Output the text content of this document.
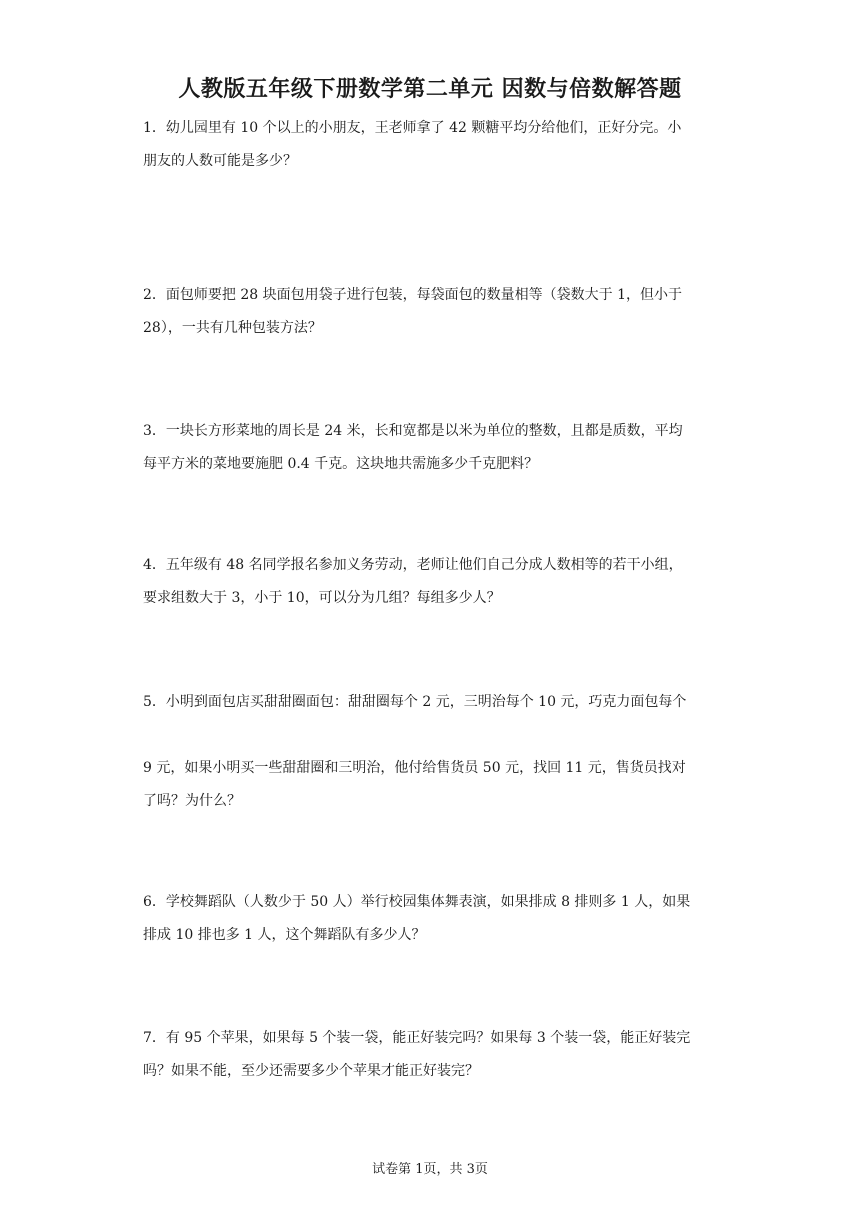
人教版五年级下册数学第二单元 因数与倍数解答题

1．幼儿园里有 10 个以上的小朋友，王老师拿了 42 颗糖平均分给他们，正好分完。小

朋友的人数可能是多少？

2．面包师要把 28 块面包用袋子进行包装，每袋面包的数量相等（袋数大于 1，但小于

28），一共有几种包装方法？

3．一块长方形菜地的周长是 24 米，长和宽都是以米为单位的整数，且都是质数，平均

每平方米的菜地要施肥 0.4 千克。这块地共需施多少千克肥料？

4．五年级有 48 名同学报名参加义务劳动，老师让他们自己分成人数相等的若干小组，

要求组数大于 3，小于 10，可以分为几组？每组多少人？

5．小明到面包店买甜甜圈面包：甜甜圈每个 2 元，三明治每个 10 元，巧克力面包每个

9 元，如果小明买一些甜甜圈和三明治，他付给售货员 50 元，找回 11 元，售货员找对

了吗？为什么？

6．学校舞蹈队（人数少于 50 人）举行校园集体舞表演，如果排成 8 排则多 1 人，如果

排成 10 排也多 1 人，这个舞蹈队有多少人？

7．有 95 个苹果，如果每 5 个装一袋，能正好装完吗？如果每 3 个装一袋，能正好装完

吗？如果不能，至少还需要多少个苹果才能正好装完？

试卷第 1页，共 3页
